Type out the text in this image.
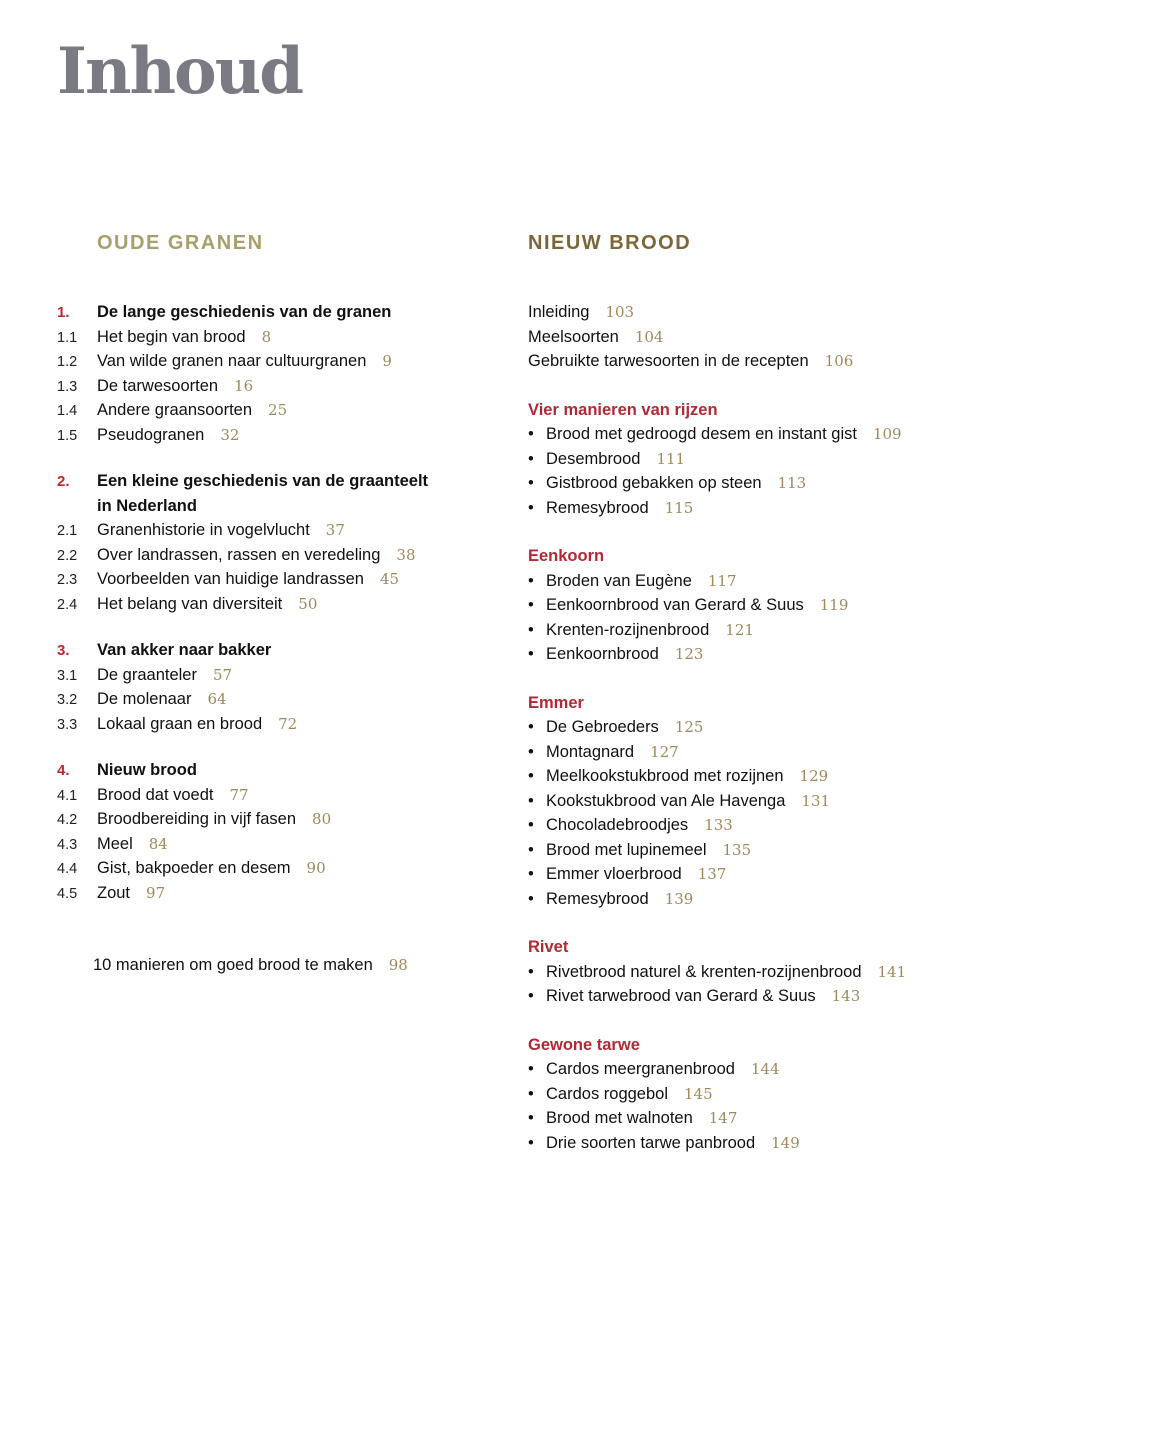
Inhoud
OUDE GRANEN
1. De lange geschiedenis van de granen
1.1 Het begin van brood 8
1.2 Van wilde granen naar cultuurgranen 9
1.3 De tarwesoorten 16
1.4 Andere graansoorten 25
1.5 Pseudogranen 32
2. Een kleine geschiedenis van de graanteelt
in Nederland
2.1 Granenhistorie in vogelvlucht 37
2.2 Over landrassen, rassen en veredeling 38
2.3 Voorbeelden van huidige landrassen 45
2.4 Het belang van diversiteit 50
3. Van akker naar bakker
3.1 De graanteler 57
3.2 De molenaar 64
3.3 Lokaal graan en brood 72
4. Nieuw brood
4.1 Brood dat voedt 77
4.2 Broodbereiding in vijf fasen 80
4.3 Meel 84
4.4 Gist, bakpoeder en desem 90
4.5 Zout 97
10 manieren om goed brood te maken 98
NIEUW BROOD
Inleiding 103
Meelsoorten 104
Gebruikte tarwesoorten in de recepten 106
Vier manieren van rijzen
• Brood met gedroogd desem en instant gist 109
• Desembrood 111
• Gistbrood gebakken op steen 113
• Remesybrood 115
Eenkoorn
• Broden van Eugène 117
• Eenkoornbrood van Gerard & Suus 119
• Krenten-rozijnenbrood 121
• Eenkoornbrood 123
Emmer
• De Gebroeders 125
• Montagnard 127
• Meelkookstukbrood met rozijnen 129
• Kookstukbrood van Ale Havenga 131
• Chocoladebroodjes 133
• Brood met lupinemeel 135
• Emmer vloerbrood 137
• Remesybrood 139
Rivet
• Rivetbrood naturel & krenten-rozijnenbrood 141
• Rivet tarwebrood van Gerard & Suus 143
Gewone tarwe
• Cardos meergranenbrood 144
• Cardos roggebol 145
• Brood met walnoten 147
• Drie soorten tarwe panbrood 149
